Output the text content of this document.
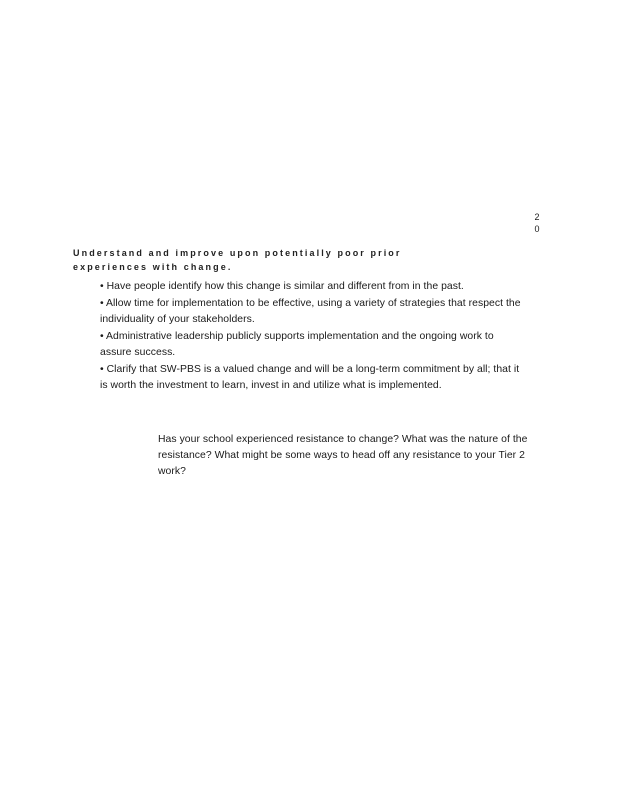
20
Understand and improve upon potentially poor prior experiences with change.
• Have people identify how this change is similar and different from in the past.
• Allow time for implementation to be effective, using a variety of strategies that respect the individuality of your stakeholders.
• Administrative leadership publicly supports implementation and the ongoing work to assure success.
• Clarify that SW-PBS is a valued change and will be a long-term commitment by all; that it is worth the investment to learn, invest in and utilize what is implemented.
Has your school experienced resistance to change? What was the nature of the resistance? What might be some ways to head off any resistance to your Tier 2 work?
